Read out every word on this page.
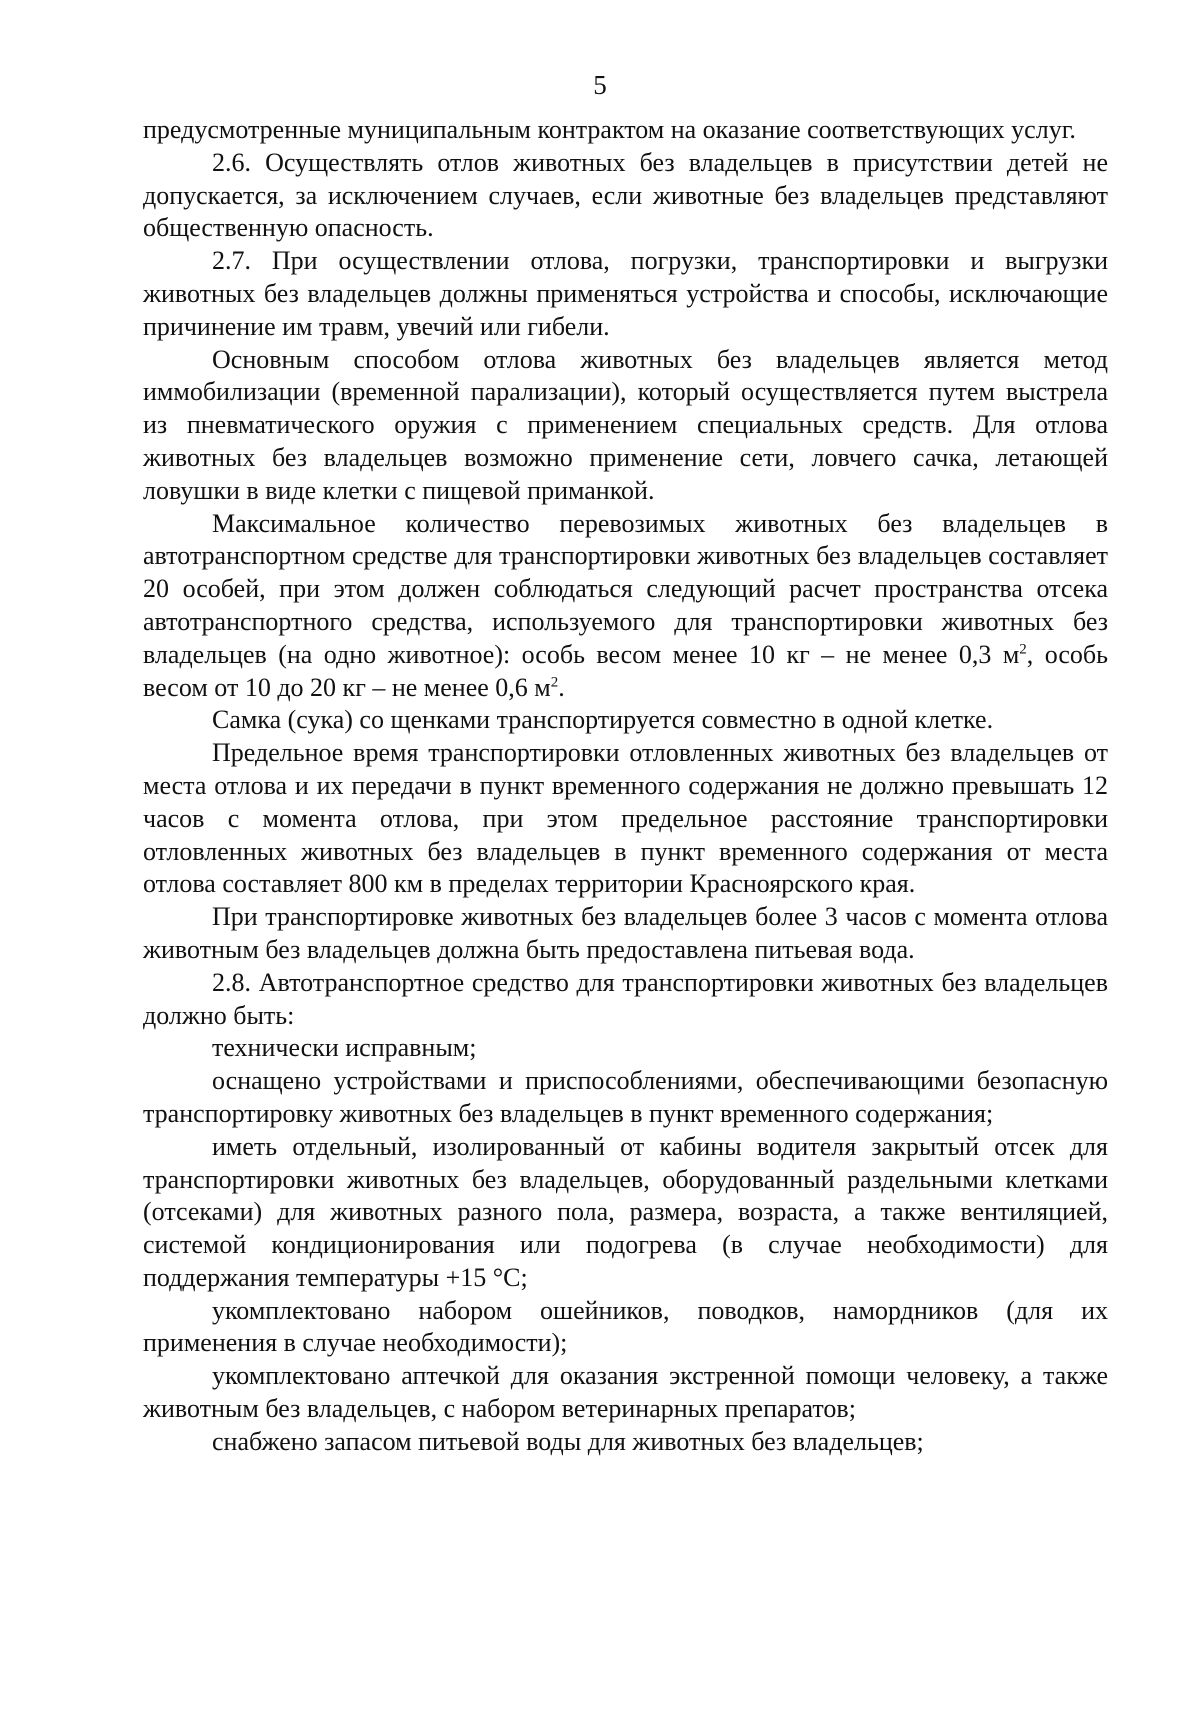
5

предусмотренные муниципальным контрактом на оказание соответствующих услуг.

2.6. Осуществлять отлов животных без владельцев в присутствии детей не допускается, за исключением случаев, если животные без владельцев представляют общественную опасность.

2.7. При осуществлении отлова, погрузки, транспортировки и выгрузки животных без владельцев должны применяться устройства и способы, исключающие причинение им травм, увечий или гибели.

Основным способом отлова животных без владельцев является метод иммобилизации (временной парализации), который осуществляется путем выстрела из пневматического оружия с применением специальных средств. Для отлова животных без владельцев возможно применение сети, ловчего сачка, летающей ловушки в виде клетки с пищевой приманкой.

Максимальное количество перевозимых животных без владельцев в автотранспортном средстве для транспортировки животных без владельцев составляет 20 особей, при этом должен соблюдаться следующий расчет пространства отсека автотранспортного средства, используемого для транспортировки животных без владельцев (на одно животное): особь весом менее 10 кг – не менее 0,3 $м^2$, особь весом от 10 до 20 кг – не менее 0,6 $м^2$.

Самка (сука) со щенками транспортируется совместно в одной клетке.

Предельное время транспортировки отловленных животных без владельцев от места отлова и их передачи в пункт временного содержания не должно превышать 12 часов с момента отлова, при этом предельное расстояние транспортировки отловленных животных без владельцев в пункт временного содержания от места отлова составляет 800 км в пределах территории Красноярского края.

При транспортировке животных без владельцев более 3 часов с момента отлова животным без владельцев должна быть предоставлена питьевая вода.

2.8. Автотранспортное средство для транспортировки животных без владельцев должно быть:

технически исправным;

оснащено устройствами и приспособлениями, обеспечивающими безопасную транспортировку животных без владельцев в пункт временного содержания;

иметь отдельный, изолированный от кабины водителя закрытый отсек для транспортировки животных без владельцев, оборудованный раздельными клетками (отсеками) для животных разного пола, размера, возраста, а также вентиляцией, системой кондиционирования или подогрева (в случае необходимости) для поддержания температуры +15 °С;

укомплектовано набором ошейников, поводков, намордников (для их применения в случае необходимости);

укомплектовано аптечкой для оказания экстренной помощи человеку, а также животным без владельцев, с набором ветеринарных препаратов;

снабжено запасом питьевой воды для животных без владельцев;
